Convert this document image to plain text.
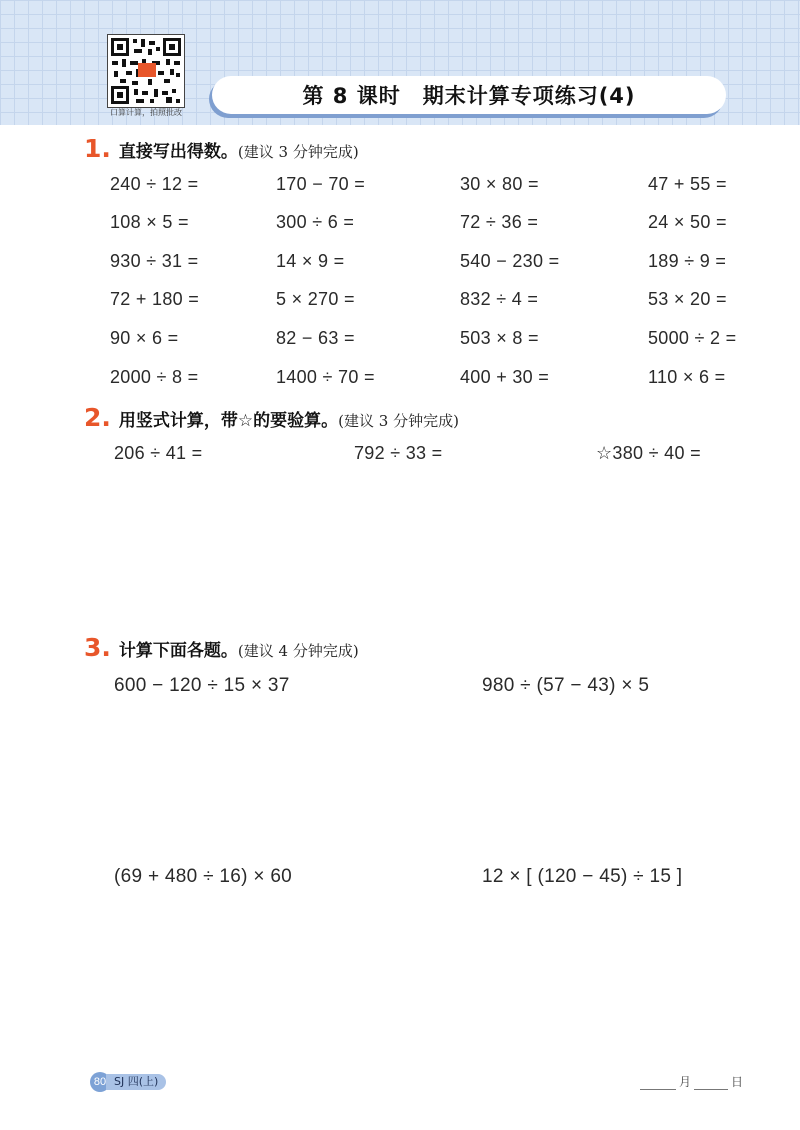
口算计算，拍照批改
第 8 课时 期末计算专项练习(4)
1. 直接写出得数。 (建议 3 分钟完成)
240 ÷ 12 =	170 − 70 =	30 × 80 =	47 + 55 =
108 × 5 =	300 ÷ 6 =	72 ÷ 36 =	24 × 50 =
930 ÷ 31 =	14 × 9 =	540 − 230 =	189 ÷ 9 =
72 + 180 =	5 × 270 =	832 ÷ 4 =	53 × 20 =
90 × 6 =	82 − 63 =	503 × 8 =	5000 ÷ 2 =
2000 ÷ 8 =	1400 ÷ 70 =	400 + 30 =	110 × 6 =
2. 用竖式计算，带☆的要验算。 (建议 3 分钟完成)
206 ÷ 41 =	792 ÷ 33 =	☆380 ÷ 40 =
3. 计算下面各题。 (建议 4 分钟完成)
600 − 120 ÷ 15 × 37	980 ÷ (57 − 43) × 5
(69 + 480 ÷ 16) × 60	12 × [ (120 − 45) ÷ 15 ]
80 SJ 四(上)	月	日
